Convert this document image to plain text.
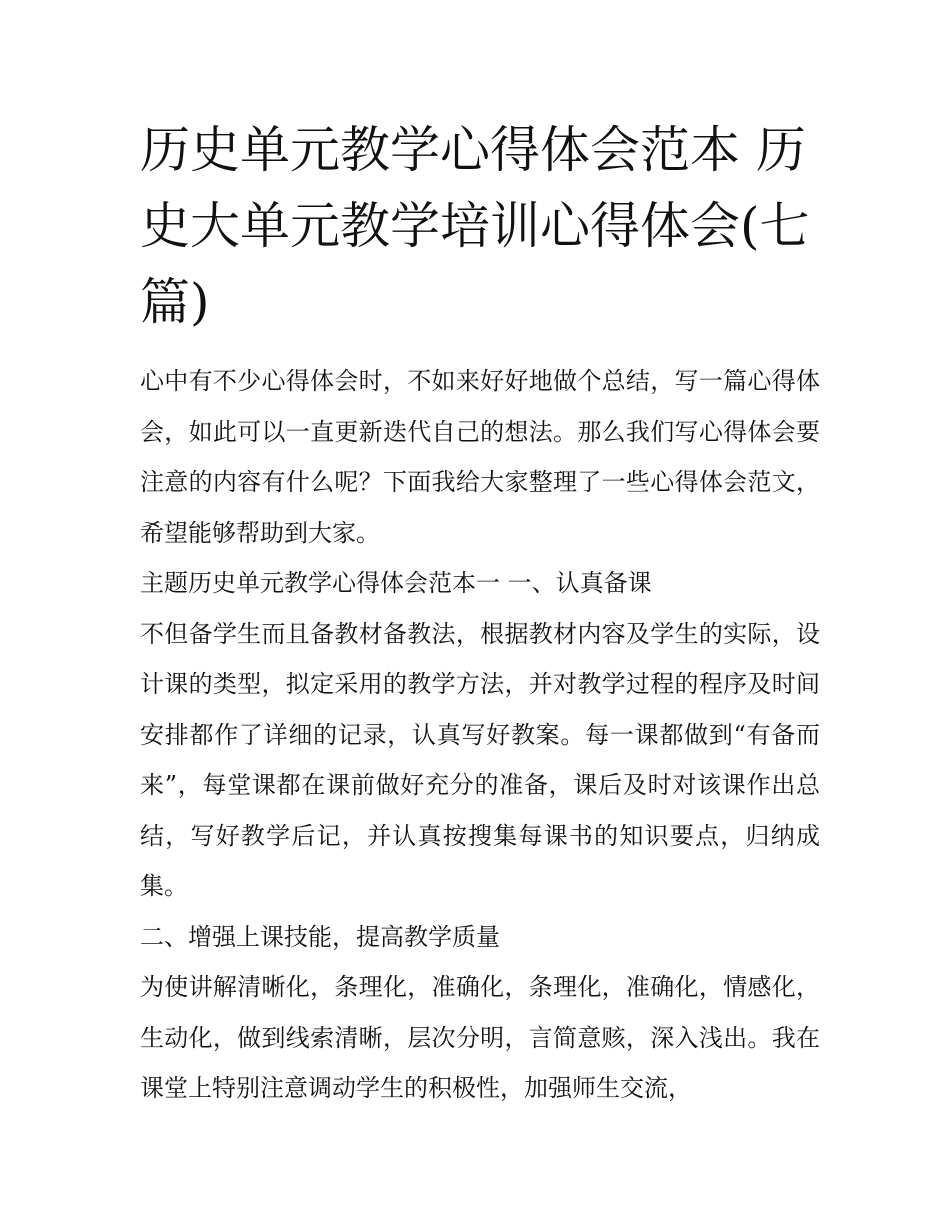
历史单元教学心得体会范本 历史大单元教学培训心得体会(七篇)

心中有不少心得体会时，不如来好好地做个总结，写一篇心得体会，如此可以一直更新迭代自己的想法。那么我们写心得体会要注意的内容有什么呢？下面我给大家整理了一些心得体会范文，希望能够帮助到大家。

主题历史单元教学心得体会范本一 一、认真备课

不但备学生而且备教材备教法，根据教材内容及学生的实际，设计课的类型，拟定采用的教学方法，并对教学过程的程序及时间安排都作了详细的记录，认真写好教案。每一课都做到“有备而来”，每堂课都在课前做好充分的准备，课后及时对该课作出总结，写好教学后记，并认真按搜集每课书的知识要点，归纳成集。

二、增强上课技能，提高教学质量

为使讲解清晰化，条理化，准确化，条理化，准确化，情感化，生动化，做到线索清晰，层次分明，言简意赅，深入浅出。我在课堂上特别注意调动学生的积极性，加强师生交流，
